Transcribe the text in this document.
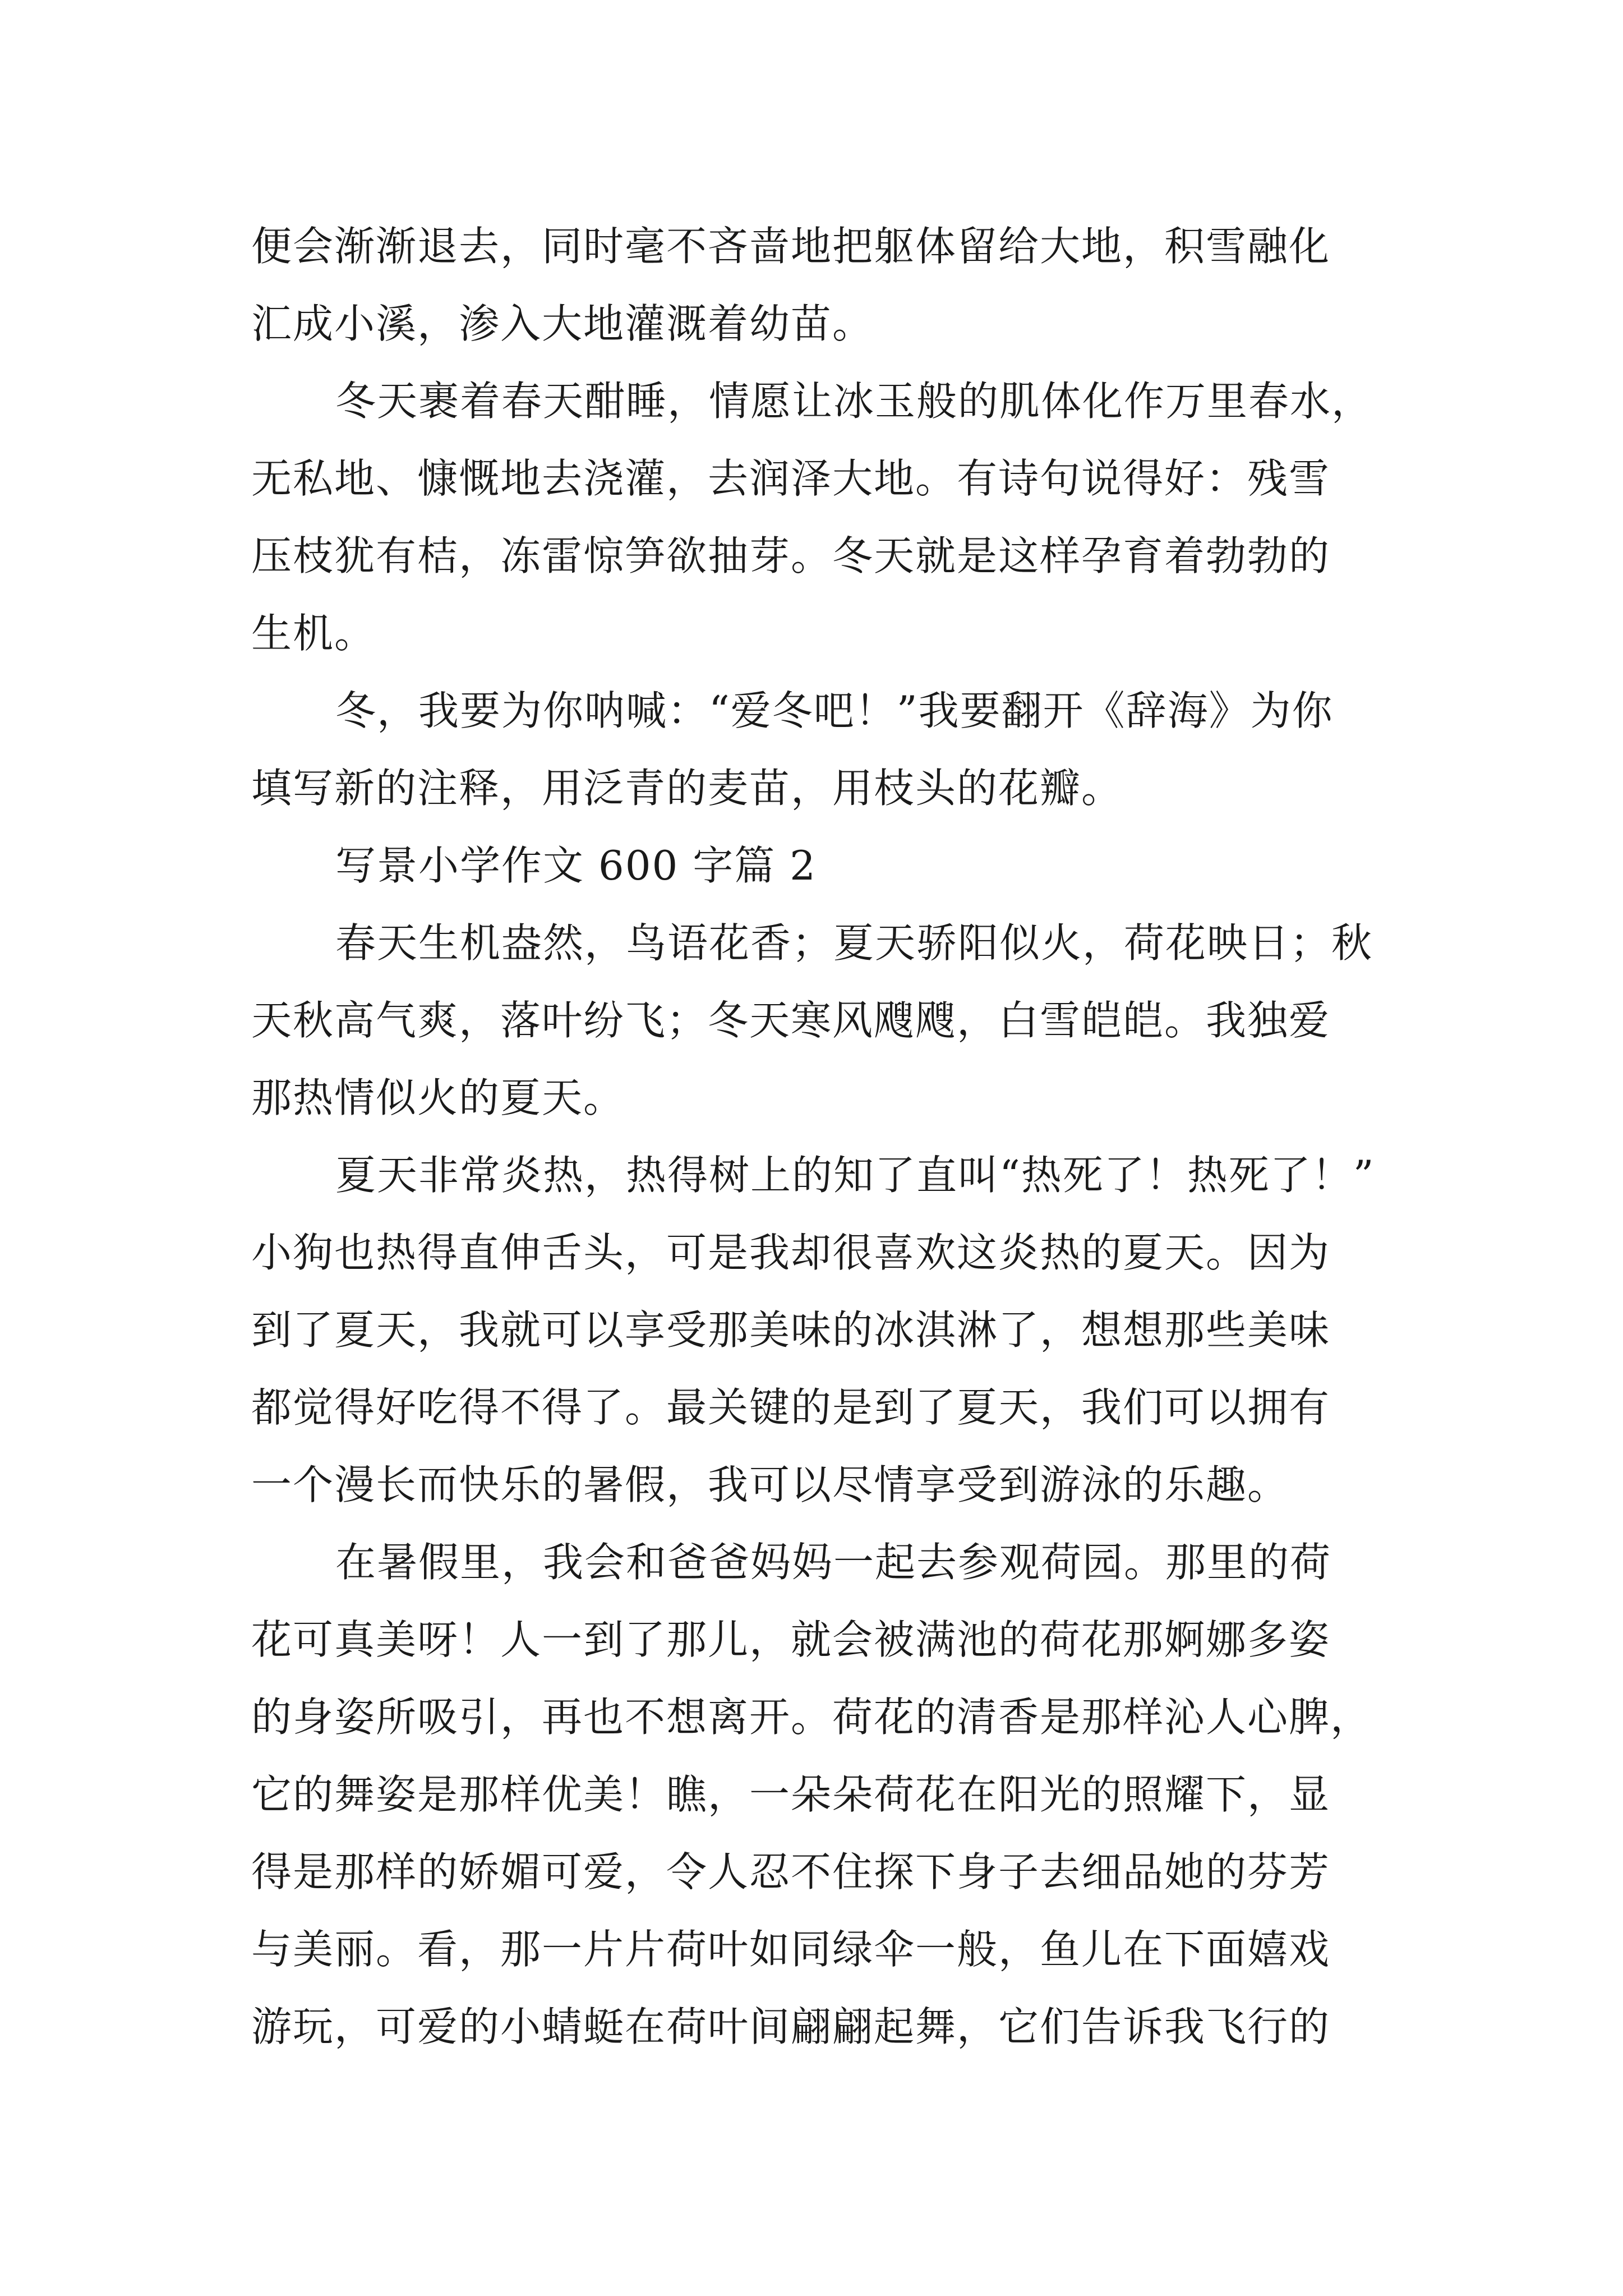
便会渐渐退去，同时毫不吝啬地把躯体留给大地，积雪融化
汇成小溪，渗入大地灌溉着幼苗。
冬天裹着春天酣睡，情愿让冰玉般的肌体化作万里春水，
无私地、慷慨地去浇灌，去润泽大地。有诗句说得好：残雪
压枝犹有桔，冻雷惊笋欲抽芽。冬天就是这样孕育着勃勃的
生机。
冬，我要为你呐喊：“爱冬吧！”我要翻开《辞海》为你
填写新的注释，用泛青的麦苗，用枝头的花瓣。
写景小学作文 600 字篇 2
春天生机盎然，鸟语花香；夏天骄阳似火，荷花映日；秋
天秋高气爽，落叶纷飞；冬天寒风飕飕，白雪皑皑。我独爱
那热情似火的夏天。
夏天非常炎热，热得树上的知了直叫“热死了！热死了！”
小狗也热得直伸舌头，可是我却很喜欢这炎热的夏天。因为
到了夏天，我就可以享受那美味的冰淇淋了，想想那些美味
都觉得好吃得不得了。最关键的是到了夏天，我们可以拥有
一个漫长而快乐的暑假，我可以尽情享受到游泳的乐趣。
在暑假里，我会和爸爸妈妈一起去参观荷园。那里的荷
花可真美呀！人一到了那儿，就会被满池的荷花那婀娜多姿
的身姿所吸引，再也不想离开。荷花的清香是那样沁人心脾，
它的舞姿是那样优美！瞧，一朵朵荷花在阳光的照耀下，显
得是那样的娇媚可爱，令人忍不住探下身子去细品她的芬芳
与美丽。看，那一片片荷叶如同绿伞一般，鱼儿在下面嬉戏
游玩，可爱的小蜻蜓在荷叶间翩翩起舞，它们告诉我飞行的
